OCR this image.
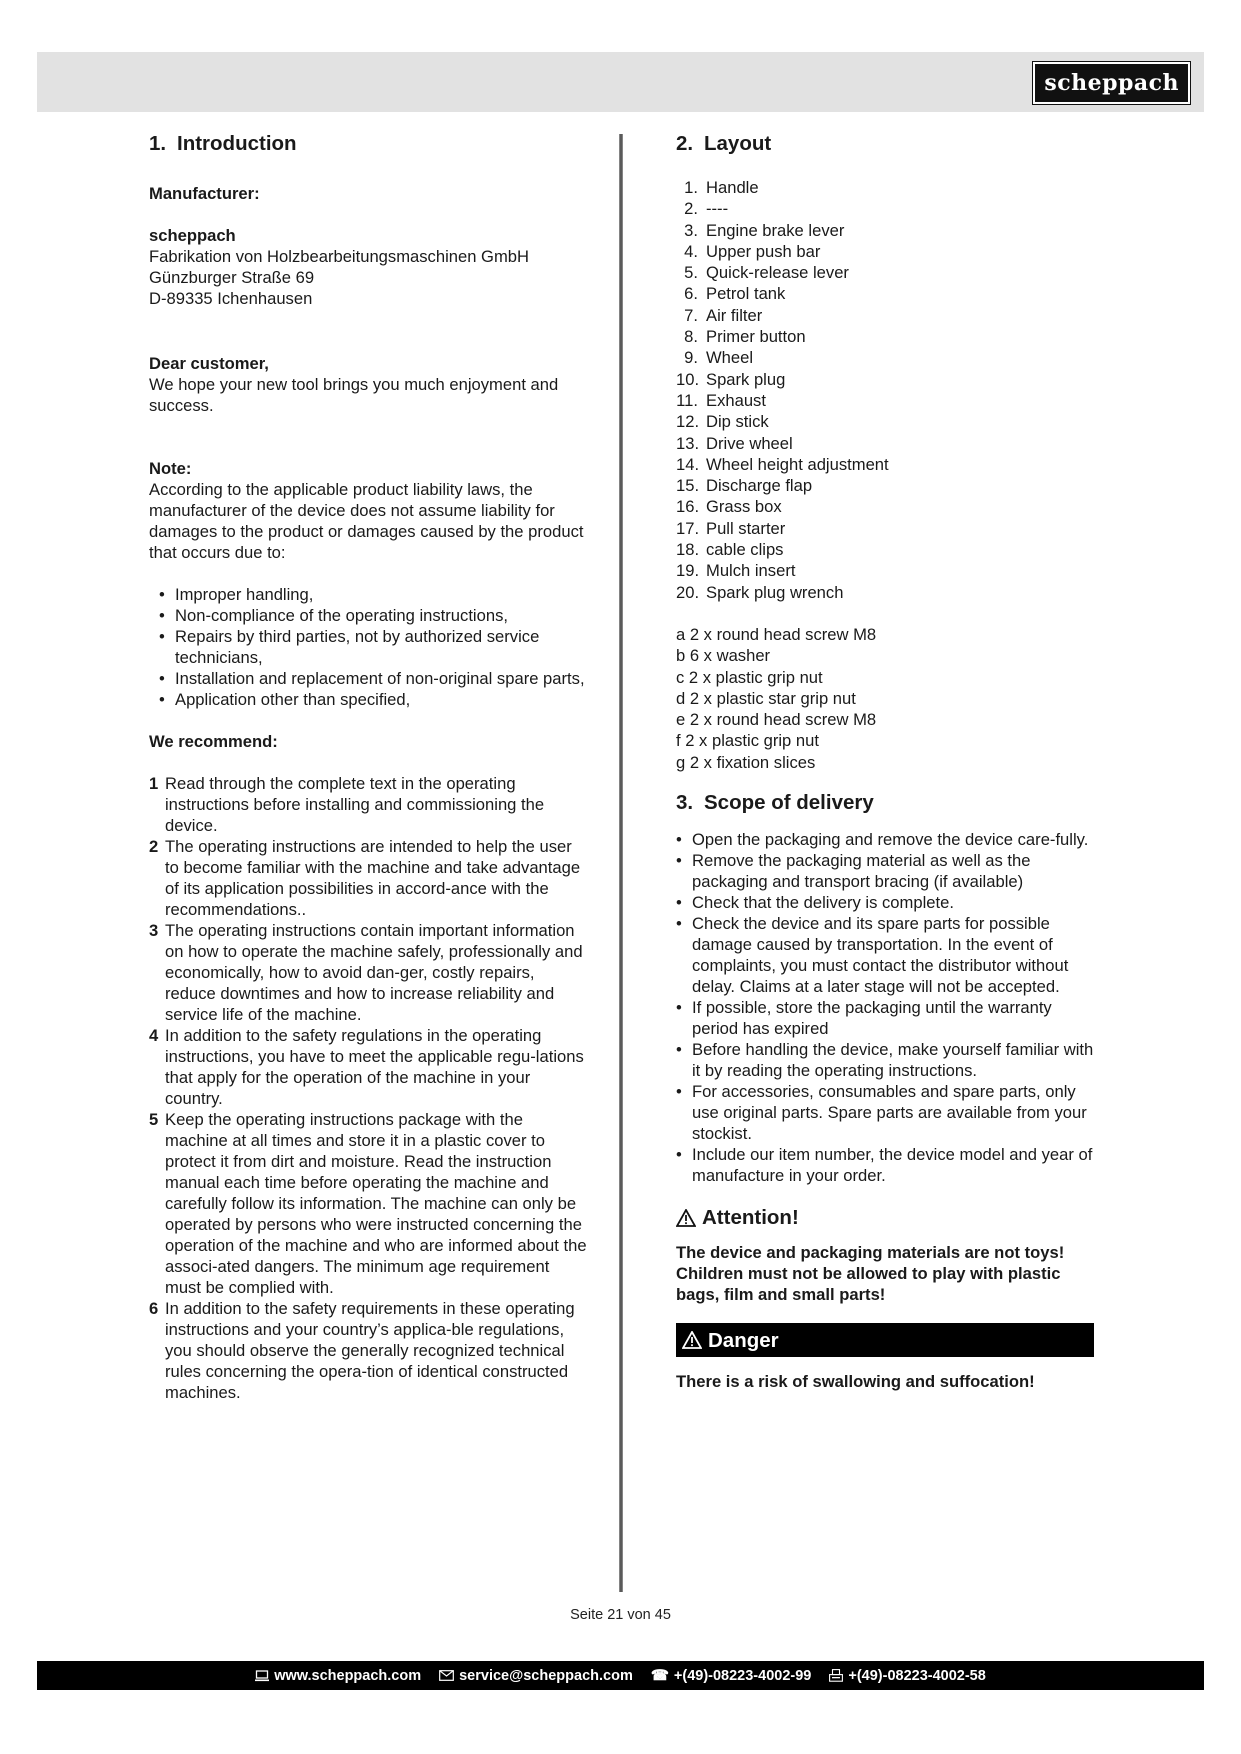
scheppach
1. Introduction

Manufacturer:

scheppach

Fabrikation von Holzbearbeitungsmaschinen GmbH

Günzburger Straße 69

D-89335 Ichenhausen

Dear customer,

We hope your new tool brings you much enjoyment and success.

Note:

According to the applicable product liability laws, the manufacturer of the device does not assume liability for damages to the product or damages caused by the product that occurs due to:

• Improper handling,
• Non-compliance of the operating instructions,
• Repairs by third parties, not by authorized service technicians,
• Installation and replacement of non-original spare parts,
• Application other than specified,

We recommend:

1 Read through the complete text in the operating instructions before installing and commissioning the device.
2 The operating instructions are intended to help the user to become familiar with the machine and take advantage of its application possibilities in accord-ance with the recommendations..
3 The operating instructions contain important information on how to operate the machine safely, professionally and economically, how to avoid dan-ger, costly repairs, reduce downtimes and how to increase reliability and service life of the machine.
4 In addition to the safety regulations in the operating instructions, you have to meet the applicable regu-lations that apply for the operation of the machine in your country.
5 Keep the operating instructions package with the machine at all times and store it in a plastic cover to protect it from dirt and moisture. Read the instruction manual each time before operating the machine and carefully follow its information. The machine can only be operated by persons who were instructed concerning the operation of the machine and who are informed about the associ-ated dangers. The minimum age requirement must be complied with.
6 In addition to the safety requirements in these operating instructions and your country’s applica-ble regulations, you should observe the generally recognized technical rules concerning the opera-tion of identical constructed machines.
2. Layout
1. Handle
2. ----
3. Engine brake lever
4. Upper push bar
5. Quick-release lever
6. Petrol tank
7. Air filter
8. Primer button
9. Wheel
10. Spark plug
11. Exhaust
12. Dip stick
13. Drive wheel
14. Wheel height adjustment
15. Discharge flap
16. Grass box
17. Pull starter
18. cable clips
19. Mulch insert
20. Spark plug wrench
a 2 x round head screw M8
b 6 x washer
c 2 x plastic grip nut
d 2 x plastic star grip nut
e 2 x round head screw M8
f 2 x plastic grip nut
g 2 x fixation slices
3. Scope of delivery
• Open the packaging and remove the device care-fully.
• Remove the packaging material as well as the packaging and transport bracing (if available)
• Check that the delivery is complete.
• Check the device and its spare parts for possible damage caused by transportation. In the event of complaints, you must contact the distributor without delay. Claims at a later stage will not be accepted.
• If possible, store the packaging until the warranty period has expired
• Before handling the device, make yourself familiar with it by reading the operating instructions.
• For accessories, consumables and spare parts, only use original parts. Spare parts are available from your stockist.
• Include our item number, the device model and year of manufacture in your order.
Attention!

The device and packaging materials are not toys! Children must not be allowed to play with plastic bags, film and small parts!

Danger

There is a risk of swallowing and suffocation!

Seite 21 von 45
www.scheppach.com	service@scheppach.com ☎ +(49)-08223-4002-99	+(49)-08223-4002-58
